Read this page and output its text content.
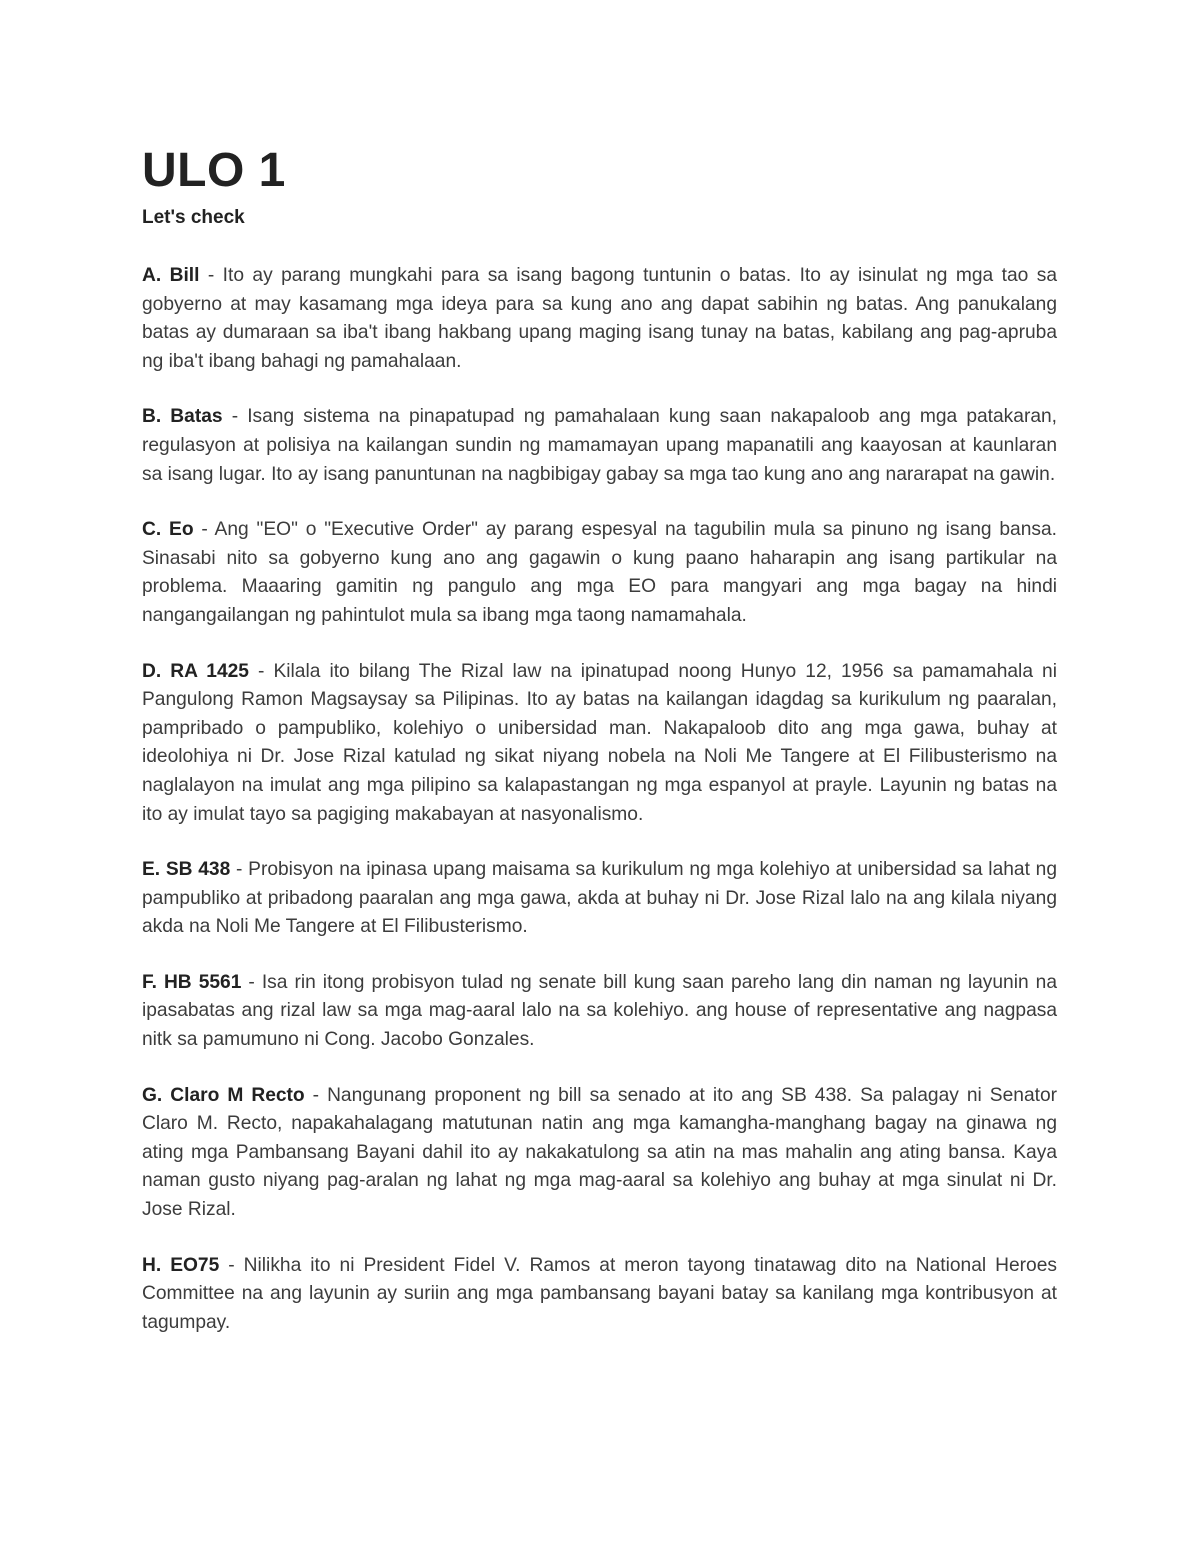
ULO 1
Let's check

A. Bill - Ito ay parang mungkahi para sa isang bagong tuntunin o batas. Ito ay isinulat ng mga tao sa gobyerno at may kasamang mga ideya para sa kung ano ang dapat sabihin ng batas. Ang panukalang batas ay dumaraan sa iba't ibang hakbang upang maging isang tunay na batas, kabilang ang pag-apruba ng iba't ibang bahagi ng pamahalaan.

B. Batas - Isang sistema na pinapatupad ng pamahalaan kung saan nakapaloob ang mga patakaran, regulasyon at polisiya na kailangan sundin ng mamamayan upang mapanatili ang kaayosan at kaunlaran sa isang lugar. Ito ay isang panuntunan na nagbibigay gabay sa mga tao kung ano ang nararapat na gawin.

C. Eo - Ang "EO" o "Executive Order" ay parang espesyal na tagubilin mula sa pinuno ng isang bansa. Sinasabi nito sa gobyerno kung ano ang gagawin o kung paano haharapin ang isang partikular na problema. Maaaring gamitin ng pangulo ang mga EO para mangyari ang mga bagay na hindi nangangailangan ng pahintulot mula sa ibang mga taong namamahala.

D. RA 1425 - Kilala ito bilang The Rizal law na ipinatupad noong Hunyo 12, 1956 sa pamamahala ni Pangulong Ramon Magsaysay sa Pilipinas. Ito ay batas na kailangan idagdag sa kurikulum ng paaralan, pampribado o pampubliko, kolehiyo o unibersidad man. Nakapaloob dito ang mga gawa, buhay at ideolohiya ni Dr. Jose Rizal katulad ng sikat niyang nobela na Noli Me Tangere at El Filibusterismo na naglalayon na imulat ang mga pilipino sa kalapastangan ng mga espanyol at prayle. Layunin ng batas na ito ay imulat tayo sa pagiging makabayan at nasyonalismo.

E. SB 438 - Probisyon na ipinasa upang maisama sa kurikulum ng mga kolehiyo at unibersidad sa lahat ng pampubliko at pribadong paaralan ang mga gawa, akda at buhay ni Dr. Jose Rizal lalo na ang kilala niyang akda na Noli Me Tangere at El Filibusterismo.

F. HB 5561 - Isa rin itong probisyon tulad ng senate bill kung saan pareho lang din naman ng layunin na ipasabatas ang rizal law sa mga mag-aaral lalo na sa kolehiyo. ang house of representative ang nagpasa nitk sa pamumuno ni Cong. Jacobo Gonzales.

G. Claro M Recto - Nangunang proponent ng bill sa senado at ito ang SB 438. Sa palagay ni Senator Claro M. Recto, napakahalagang matutunan natin ang mga kamangha-manghang bagay na ginawa ng ating mga Pambansang Bayani dahil ito ay nakakatulong sa atin na mas mahalin ang ating bansa. Kaya naman gusto niyang pag-aralan ng lahat ng mga mag-aaral sa kolehiyo ang buhay at mga sinulat ni Dr. Jose Rizal.

H. EO75 - Nilikha ito ni President Fidel V. Ramos at meron tayong tinatawag dito na National Heroes Committee na ang layunin ay suriin ang mga pambansang bayani batay sa kanilang mga kontribusyon at tagumpay.
